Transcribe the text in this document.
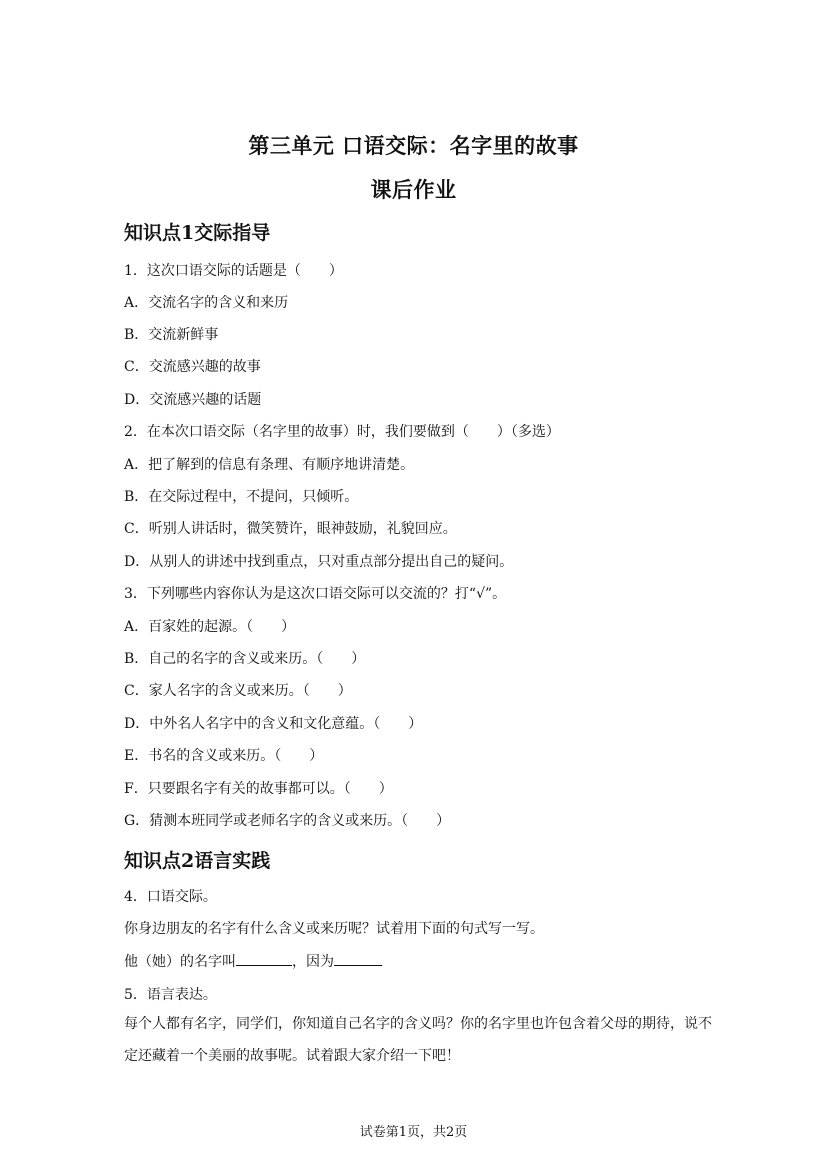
第三单元 口语交际：名字里的故事
课后作业
知识点1交际指导
1．这次口语交际的话题是（　　）
A．交流名字的含义和来历
B．交流新鲜事
C．交流感兴趣的故事
D．交流感兴趣的话题
2．在本次口语交际（名字里的故事）时，我们要做到（　　）（多选）
A．把了解到的信息有条理、有顺序地讲清楚。
B．在交际过程中，不提问，只倾听。
C．听别人讲话时，微笑赞许，眼神鼓励，礼貌回应。
D．从别人的讲述中找到重点，只对重点部分提出自己的疑问。
3．下列哪些内容你认为是这次口语交际可以交流的？打“√”。
A．百家姓的起源。（　　）
B．自己的名字的含义或来历。（　　）
C．家人名字的含义或来历。（　　）
D．中外名人名字中的含义和文化意蕴。（　　）
E．书名的含义或来历。（　　）
F．只要跟名字有关的故事都可以。（　　）
G．猜测本班同学或老师名字的含义或来历。（　　）
知识点2语言实践
4．口语交际。
你身边朋友的名字有什么含义或来历呢？试着用下面的句式写一写。
他（她）的名字叫	，因为
5．语言表达。
每个人都有名字，同学们，你知道自己名字的含义吗？你的名字里也许包含着父母的期待，说不定还藏着一个美丽的故事呢。试着跟大家介绍一下吧！
试卷第1页，共2页
